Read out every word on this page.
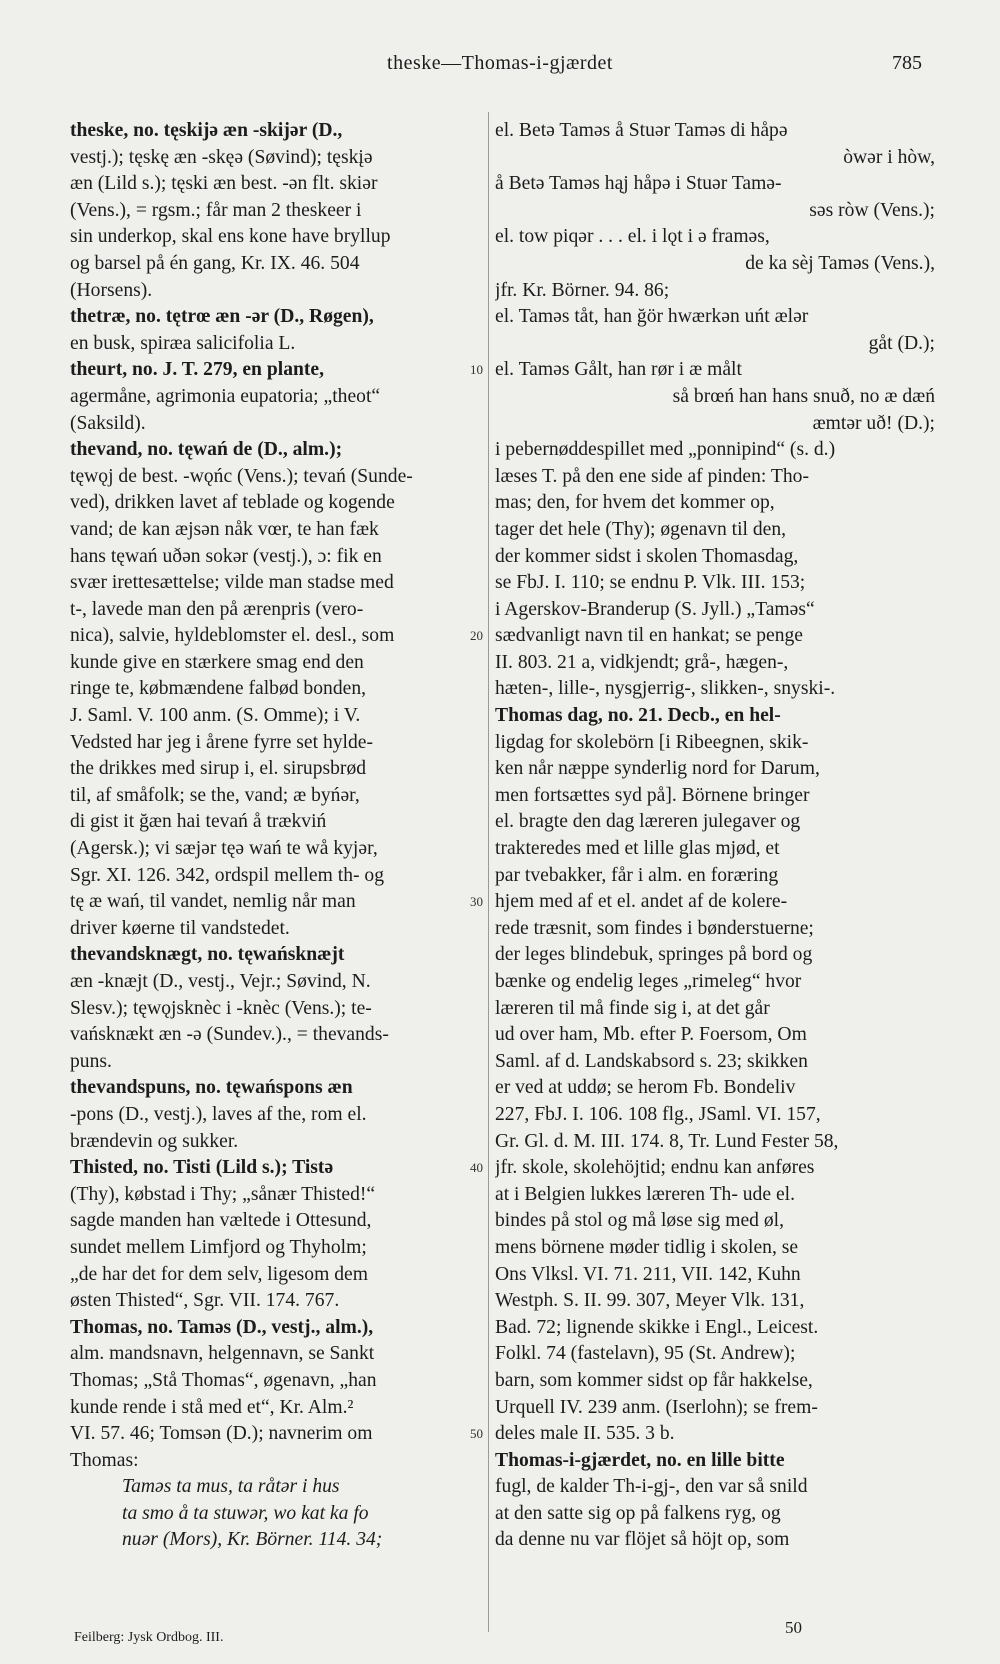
theske—Thomas-i-gjærdet	785
theske, no. tęskijə æn -skijər (D.,
vestj.); tęskę æn -skęə (Søvind); tęskįə
æn (Lild s.); tęski æn best. -ən flt. skiər
(Vens.), = rgsm.; får man 2 theskeer i
sin underkop, skal ens kone have bryllup
og barsel på én gang, Kr. IX. 46. 504
(Horsens).
thetræ, no. tętrœ æn -ər (D., Røgen),
en busk, spiræa salicifolia L.
theurt, no. J. T. 279, en plante,
agermåne, agrimonia eupatoria; „theot“
(Saksild).
thevand, no. tęwań de (D., alm.);
tęwǫj de best. -wǫńc (Vens.); tevań (Sunde-
ved), drikken lavet af teblade og kogende
vand; de kan æjsən nåk vœr, te han fæk
hans tęwań uðən sokər (vestj.), ɔ: fik en
svær irettesættelse; vilde man stadse med
t-, lavede man den på ærenpris (vero-
nica), salvie, hyldeblomster el. desl., som
kunde give en stærkere smag end den
ringe te, købmændene falbød bonden,
J. Saml. V. 100 anm. (S. Omme); i V.
Vedsted har jeg i årene fyrre set hylde-
the drikkes med sirup i, el. sirupsbrød
til, af småfolk; se the, vand; æ byńər,
di gist it ğæn hai tevań å trækviń
(Agersk.); vi sæjər tęə wań te wå kyjər,
Sgr. XI. 126. 342, ordspil mellem th- og
tę æ wań, til vandet, nemlig når man
driver køerne til vandstedet.
thevandsknægt, no. tęwańsknæjt
æn -knæjt (D., vestj., Vejr.; Søvind, N.
Slesv.); tęwǫjsknèc i -knèc (Vens.); te-
vańsknækt æn -ə (Sundev.)., = thevands-
puns.
thevandspuns, no. tęwańspons æn
-pons (D., vestj.), laves af the, rom el.
brændevin og sukker.
Thisted, no. Tisti (Lild s.); Tistə
(Thy), købstad i Thy; „sånær Thisted!“
sagde manden han væltede i Ottesund,
sundet mellem Limfjord og Thyholm;
„de har det for dem selv, ligesom dem
østen Thisted“, Sgr. VII. 174. 767.
Thomas, no. Taməs (D., vestj., alm.),
alm. mandsnavn, helgennavn, se Sankt
Thomas; „Stå Thomas“, øgenavn, „han
kunde rende i stå med et“, Kr. Alm.²
VI. 57. 46; Tomsən (D.); navnerim om
Thomas:
Taməs ta mus, ta råtər i hus
ta smo å ta stuwər, wo kat ka fo
nuər (Mors), Kr. Börner. 114. 34;
el. Betə Taməs å Stuər Taməs di håpə
òwər i hòw,
å Betə Taməs hąj håpə i Stuər Tamə-
səs ròw (Vens.);
el. tow piqər . . . el. i lǫt i ə framəs,
de ka sèj Taməs (Vens.),
jfr. Kr. Börner. 94. 86;
el. Taməs tåt, han ğör hwærkən uńt ælər
gåt (D.);
el. Taməs Gålt, han rør i æ målt
så brœń han hans snuð, no æ dæń
æmtər uð! (D.);
i pebernøddespillet med „ponnipind“ (s. d.)
læses T. på den ene side af pinden: Tho-
mas; den, for hvem det kommer op,
tager det hele (Thy); øgenavn til den,
der kommer sidst i skolen Thomasdag,
se FbJ. I. 110; se endnu P. Vlk. III. 153;
i Agerskov-Branderup (S. Jyll.) „Taməs“
sædvanligt navn til en hankat; se penge
II. 803. 21 a, vidkjendt; grå-, hægen-,
hæten-, lille-, nysgjerrig-, slikken-, snyski-.
Thomas dag, no. 21. Decb., en hel-
ligdag for skolebörn [i Ribeegnen, skik-
ken når næppe synderlig nord for Darum,
men fortsættes syd på]. Börnene bringer
el. bragte den dag læreren julegaver og
trakteredes med et lille glas mjød, et
par tvebakker, får i alm. en foræring
hjem med af et el. andet af de kolere-
rede træsnit, som findes i bønderstuerne;
der leges blindebuk, springes på bord og
bænke og endelig leges „rimeleg“ hvor
læreren til må finde sig i, at det går
ud over ham, Mb. efter P. Foersom, Om
Saml. af d. Landskabsord s. 23; skikken
er ved at uddø; se herom Fb. Bondeliv
227, FbJ. I. 106. 108 flg., JSaml. VI. 157,
Gr. Gl. d. M. III. 174. 8, Tr. Lund Fester 58,
jfr. skole, skolehöjtid; endnu kan anføres
at i Belgien lukkes læreren Th- ude el.
bindes på stol og må løse sig med øl,
mens börnene møder tidlig i skolen, se
Ons Vlksl. VI. 71. 211, VII. 142, Kuhn
Westph. S. II. 99. 307, Meyer Vlk. 131,
Bad. 72; lignende skikke i Engl., Leicest.
Folkl. 74 (fastelavn), 95 (St. Andrew);
barn, som kommer sidst op får hakkelse,
Urquell IV. 239 anm. (Iserlohn); se frem-
deles male II. 535. 3 b.
Thomas-i-gjærdet, no. en lille bitte
fugl, de kalder Th-i-gj-, den var så snild
at den satte sig op på falkens ryg, og
da denne nu var flöjet så höjt op, som
10
20
30
40
50
Feilberg: Jysk Ordbog. III.
50
